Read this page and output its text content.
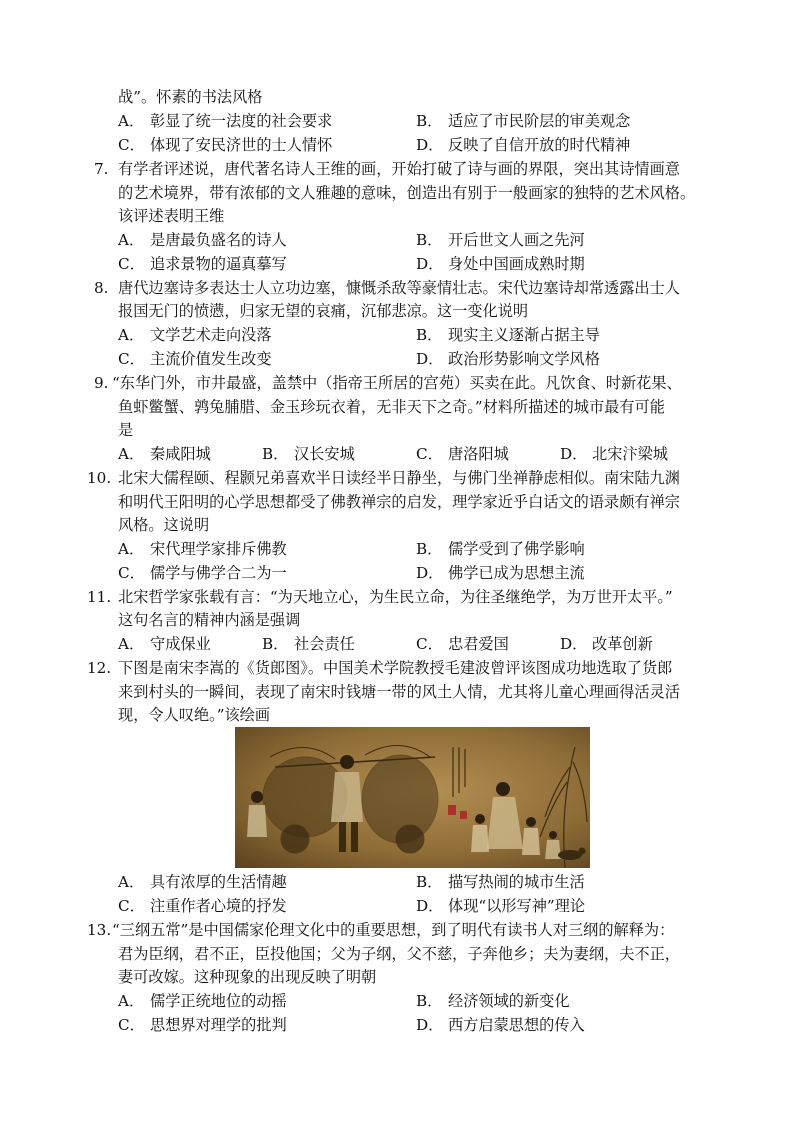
战”。怀素的书法风格
A． 彰显了统一法度的社会要求	B． 适应了市民阶层的审美观念
C． 体现了安民济世的士人情怀	D． 反映了自信开放的时代精神
7. 有学者评述说，唐代著名诗人王维的画，开始打破了诗与画的界限，突出其诗情画意
的艺术境界，带有浓郁的文人雅趣的意味，创造出有别于一般画家的独特的艺术风格。
该评述表明王维
A． 是唐最负盛名的诗人	B． 开后世文人画之先河
C． 追求景物的逼真摹写	D． 身处中国画成熟时期
8. 唐代边塞诗多表达士人立功边塞，慷慨杀敌等豪情壮志。宋代边塞诗却常透露出士人
报国无门的愤懑，归家无望的哀痛，沉郁悲凉。这一变化说明
A． 文学艺术走向没落	B． 现实主义逐渐占据主导
C． 主流价值发生改变	D． 政治形势影响文学风格
9. “东华门外，市井最盛，盖禁中（指帝王所居的宫苑）买卖在此。凡饮食、时新花果、
鱼虾鳖蟹、鹑兔脯腊、金玉珍玩衣着，无非天下之奇。”材料所描述的城市最有可能
是
A． 秦咸阳城	B． 汉长安城	C． 唐洛阳城	D． 北宋汴梁城
10. 北宋大儒程颐、程颢兄弟喜欢半日读经半日静坐，与佛门坐禅静虑相似。南宋陆九渊
和明代王阳明的心学思想都受了佛教禅宗的启发，理学家近乎白话文的语录颇有禅宗
风格。这说明
A． 宋代理学家排斥佛教	B． 儒学受到了佛学影响
C． 儒学与佛学合二为一	D． 佛学已成为思想主流
11. 北宋哲学家张载有言：“为天地立心，为生民立命，为往圣继绝学，为万世开太平。”
这句名言的精神内涵是强调
A． 守成保业	B． 社会责任	C． 忠君爱国	D． 改革创新
12. 下图是南宋李嵩的《货郎图》。中国美术学院教授毛建波曾评该图成功地选取了货郎
来到村头的一瞬间，表现了南宋时钱塘一带的风土人情，尤其将儿童心理画得活灵活
现，令人叹绝。”该绘画
A． 具有浓厚的生活情趣	B． 描写热闹的城市生活
C． 注重作者心境的抒发	D． 体现“以形写神”理论
13. “三纲五常”是中国儒家伦理文化中的重要思想，到了明代有读书人对三纲的解释为：
君为臣纲，君不正，臣投他国；父为子纲，父不慈，子奔他乡；夫为妻纲，夫不正，
妻可改嫁。这种现象的出现反映了明朝
A． 儒学正统地位的动摇	B． 经济领域的新变化
C． 思想界对理学的批判	D． 西方启蒙思想的传入
